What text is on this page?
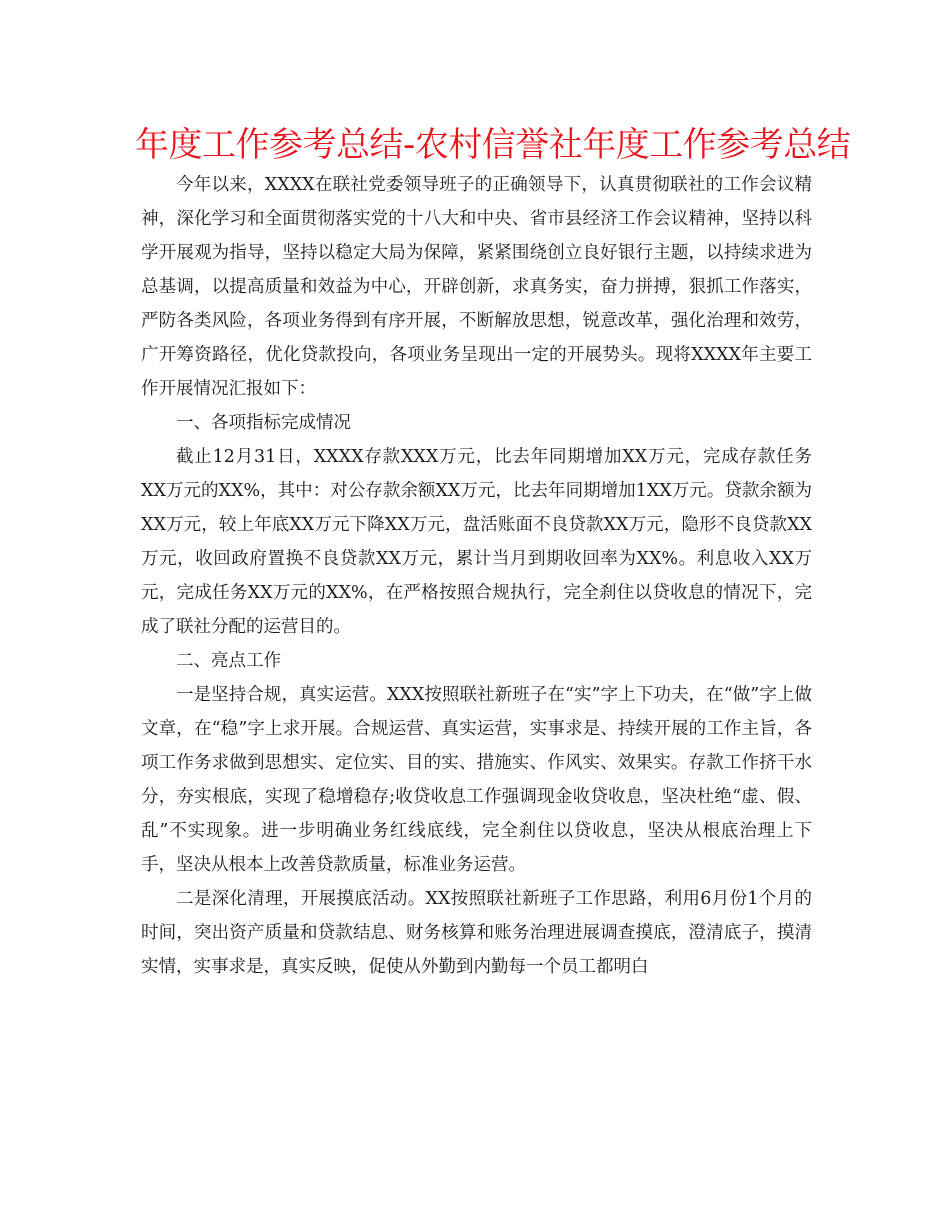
年度工作参考总结-农村信誉社年度工作参考总结

今年以来，XXXX在联社党委领导班子的正确领导下，认真贯彻联社的工作会议精神，深化学习和全面贯彻落实党的十八大和中央、省市县经济工作会议精神，坚持以科学开展观为指导，坚持以稳定大局为保障，紧紧围绕创立良好银行主题，以持续求进为总基调，以提高质量和效益为中心，开辟创新，求真务实，奋力拼搏，狠抓工作落实，严防各类风险，各项业务得到有序开展，不断解放思想，锐意改革，强化治理和效劳，广开筹资路径，优化贷款投向，各项业务呈现出一定的开展势头。现将XXXX年主要工作开展情况汇报如下：

一、各项指标完成情况

截止12月31日，XXXX存款XXX万元，比去年同期增加XX万元，完成存款任务XX万元的XX%，其中：对公存款余额XX万元，比去年同期增加1XX万元。贷款余额为XX万元，较上年底XX万元下降XX万元，盘活账面不良贷款XX万元，隐形不良贷款XX万元，收回政府置换不良贷款XX万元，累计当月到期收回率为XX%。利息收入XX万元，完成任务XX万元的XX%，在严格按照合规执行，完全刹住以贷收息的情况下，完成了联社分配的运营目的。

二、亮点工作

一是坚持合规，真实运营。XXX按照联社新班子在“实”字上下功夫，在“做”字上做文章，在“稳”字上求开展。合规运营、真实运营，实事求是、持续开展的工作主旨，各项工作务求做到思想实、定位实、目的实、措施实、作风实、效果实。存款工作挤干水分，夯实根底，实现了稳增稳存;收贷收息工作强调现金收贷收息，坚决杜绝“虚、假、乱”不实现象。进一步明确业务红线底线，完全刹住以贷收息，坚决从根底治理上下手，坚决从根本上改善贷款质量，标准业务运营。

二是深化清理，开展摸底活动。XX按照联社新班子工作思路，利用6月份1个月的时间，突出资产质量和贷款结息、财务核算和账务治理进展调查摸底，澄清底子，摸清实情，实事求是，真实反映，促使从外勤到内勤每一个员工都明白
